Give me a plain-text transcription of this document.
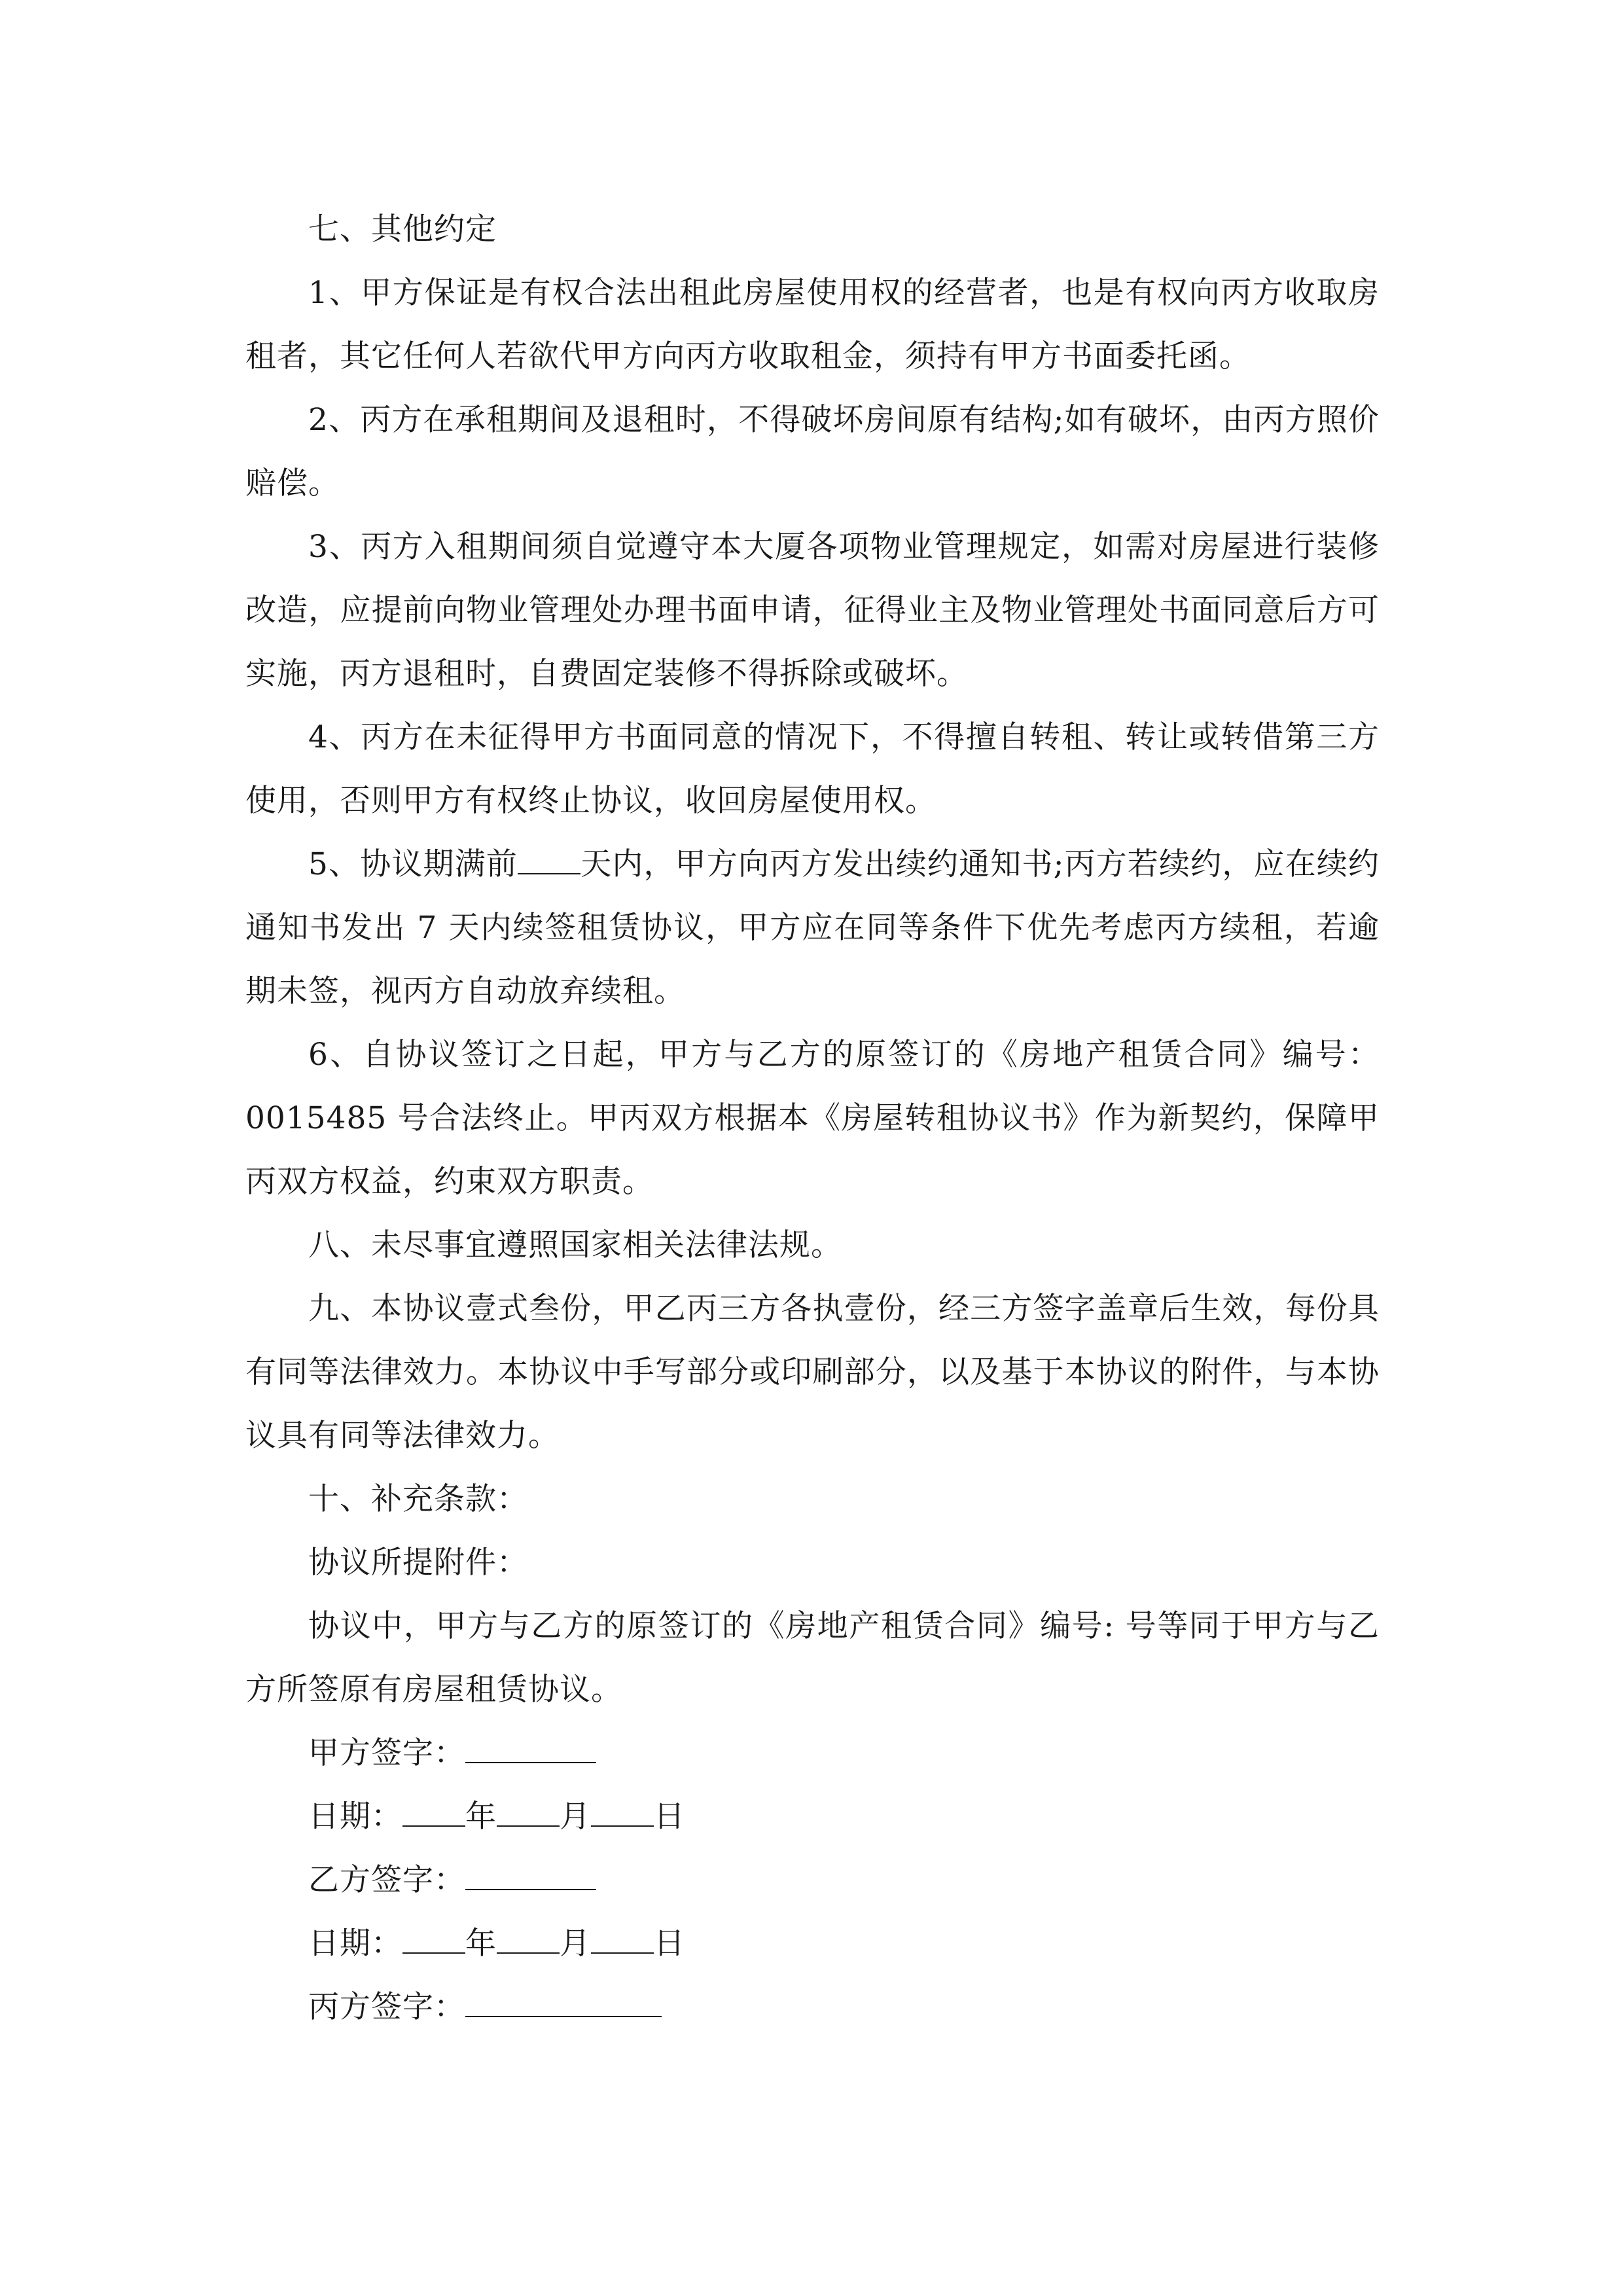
七、其他约定

1、甲方保证是有权合法出租此房屋使用权的经营者，也是有权向丙方收取房租者，其它任何人若欲代甲方向丙方收取租金，须持有甲方书面委托函。

2、丙方在承租期间及退租时，不得破坏房间原有结构;如有破坏，由丙方照价赔偿。

3、丙方入租期间须自觉遵守本大厦各项物业管理规定，如需对房屋进行装修改造，应提前向物业管理处办理书面申请，征得业主及物业管理处书面同意后方可实施，丙方退租时，自费固定装修不得拆除或破坏。

4、丙方在未征得甲方书面同意的情况下，不得擅自转租、转让或转借第三方使用，否则甲方有权终止协议，收回房屋使用权。

5、协议期满前 天内，甲方向丙方发出续约通知书;丙方若续约，应在续约通知书发出 7 天内续签租赁协议，甲方应在同等条件下优先考虑丙方续租，若逾期未签，视丙方自动放弃续租。

6、自协议签订之日起，甲方与乙方的原签订的《房地产租赁合同》编号：0015485 号合法终止。甲丙双方根据本《房屋转租协议书》作为新契约，保障甲丙双方权益，约束双方职责。

八、未尽事宜遵照国家相关法律法规。

九、本协议壹式叁份，甲乙丙三方各执壹份，经三方签字盖章后生效，每份具有同等法律效力。本协议中手写部分或印刷部分，以及基于本协议的附件，与本协议具有同等法律效力。

十、补充条款：

协议所提附件：

协议中，甲方与乙方的原签订的《房地产租赁合同》编号: 号等同于甲方与乙方所签原有房屋租赁协议。

甲方签字：

日期： 年 月 日

乙方签字：

日期： 年 月 日

丙方签字：
